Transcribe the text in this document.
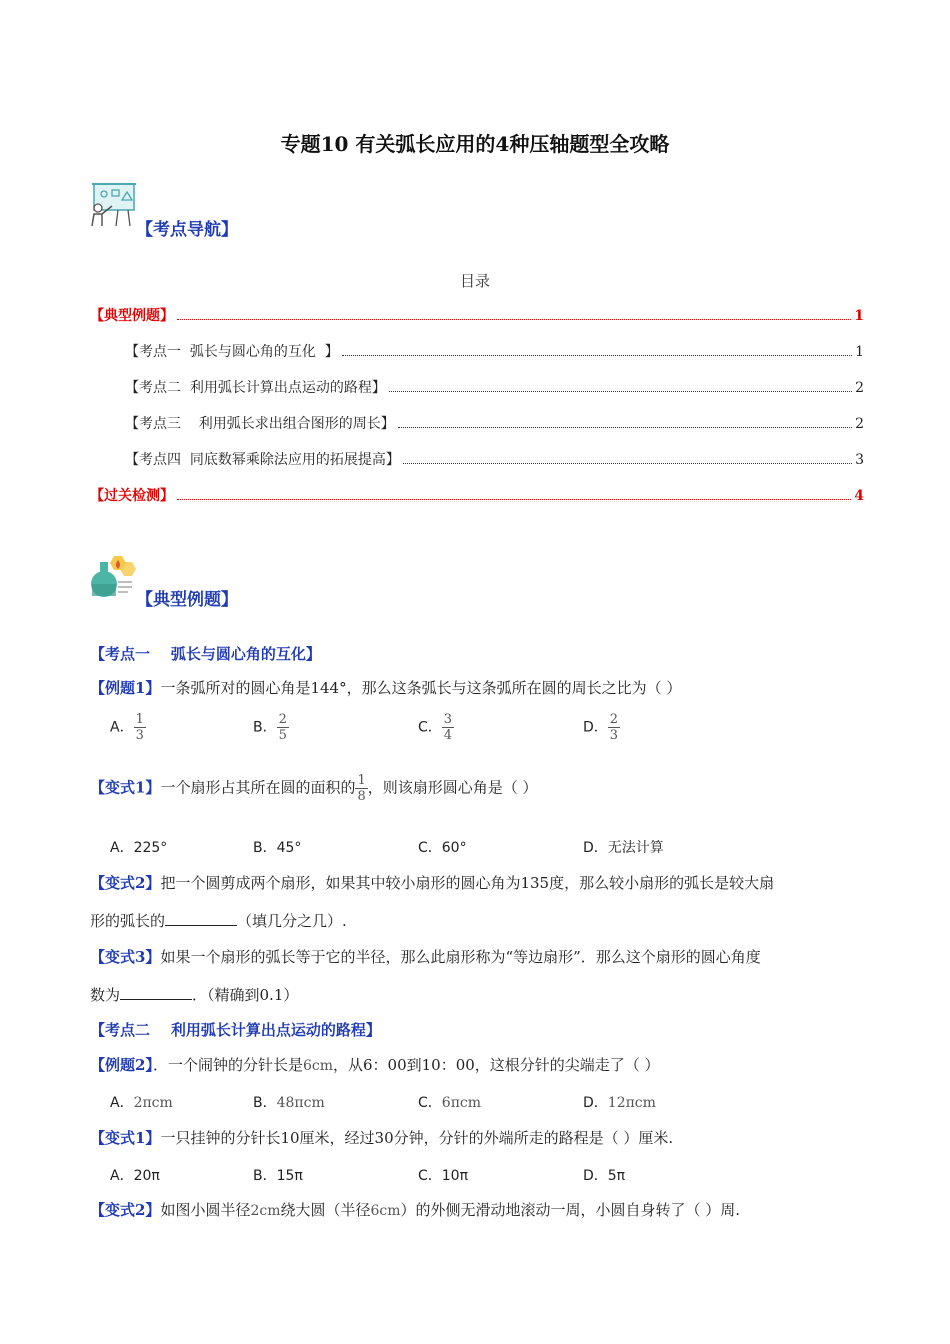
专题10 有关弧长应用的4种压轴题型全攻略
【考点导航】
目录
【典型例题】	1
【考点一  弧长与圆心角的互化  】	1
【考点二  利用弧长计算出点运动的路程】	2
【考点三    利用弧长求出组合图形的周长】	2
【考点四  同底数幂乘除法应用的拓展提高】	3
【过关检测】	4
【典型例题】
【考点一    弧长与圆心角的互化】
【例题1】一条弧所对的圆心角是144°，那么这条弧长与这条弧所在圆的周长之比为（ ）
A． $\frac{1}{3}$	B． $\frac{2}{5}$	C． $\frac{3}{4}$	D． $\frac{2}{3}$
【变式1】一个扇形占其所在圆的面积的 $\frac{1}{8}$ ，则该扇形圆心角是（ ）
A．225°	B．45°	C．60°	D．无法计算
【变式2】把一个圆剪成两个扇形，如果其中较小扇形的圆心角为135度，那么较小扇形的弧长是较大扇
形的弧长的	（填几分之几）.
【变式3】如果一个扇形的弧长等于它的半径，那么此扇形称为“等边扇形”．那么这个扇形的圆心角度
数为	．（精确到0.1）
【考点二    利用弧长计算出点运动的路程】
【例题2】．一个闹钟的分针长是6cm，从6：00到10：00，这根分针的尖端走了（ ）
A．2πcm	B．48πcm	C．6πcm	D．12πcm
【变式1】一只挂钟的分针长10厘米，经过30分钟，分针的外端所走的路程是（ ）厘米.
A．20π	B．15π	C．10π	D．5π
【变式2】如图小圆半径2cm绕大圆（半径6cm）的外侧无滑动地滚动一周，小圆自身转了（ ）周.
